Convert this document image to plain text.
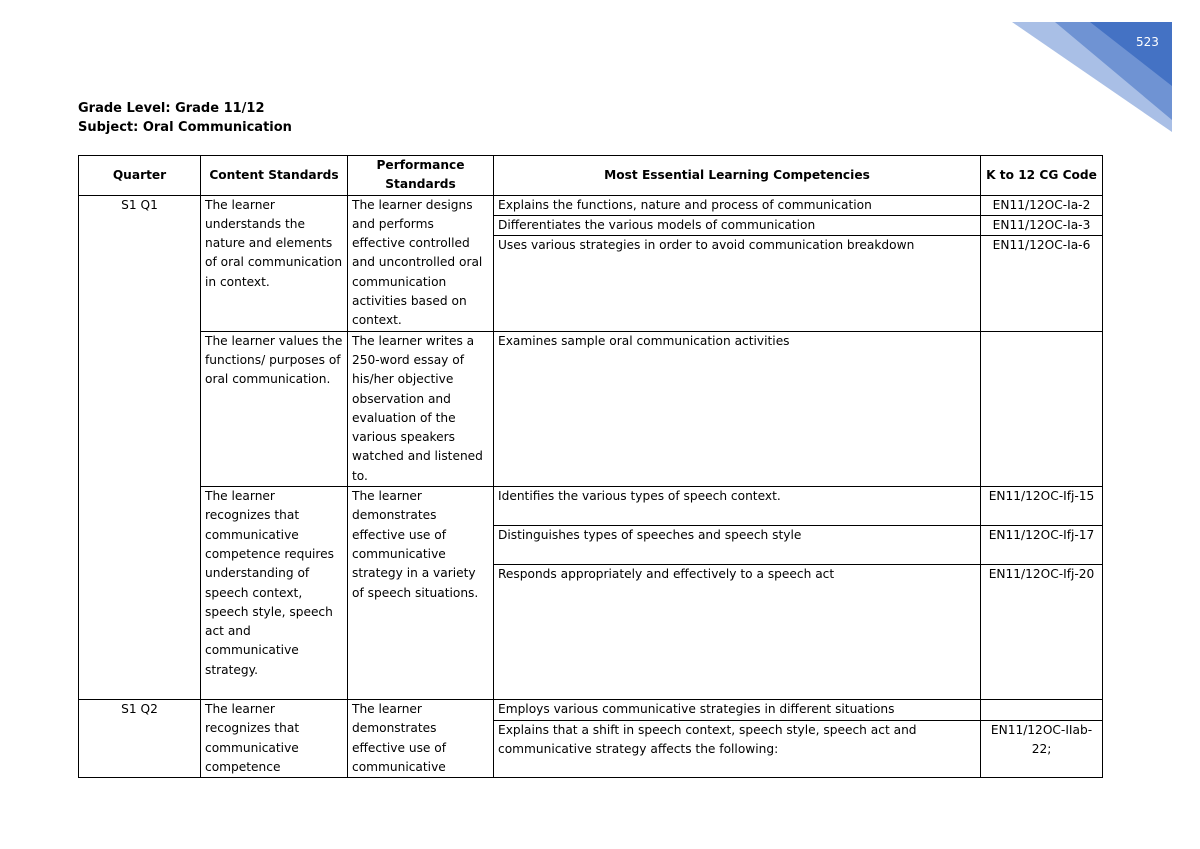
523
Grade Level: Grade 11/12
Subject: Oral Communication
Quarter	Content Standards	Performance Standards	Most Essential Learning Competencies	K to 12 CG Code
S1 Q1	The learner understands the nature and elements of oral communication in context.	The learner designs and performs effective controlled and uncontrolled oral communication activities based on context.	Explains the functions, nature and process of communication	EN11/12OC-Ia-2
			Differentiates the various models of communication	EN11/12OC-Ia-3
			Uses various strategies in order to avoid communication breakdown	EN11/12OC-Ia-6
	The learner values the functions/ purposes of oral communication.	The learner writes a 250-word essay of his/her objective observation and evaluation of the various speakers watched and listened to.	Examines sample oral communication activities	
	The learner recognizes that communicative competence requires understanding of speech context, speech style, speech act and communicative strategy.	The learner demonstrates effective use of communicative strategy in a variety of speech situations.	Identifies the various types of speech context.	EN11/12OC-Ifj-15
			Distinguishes types of speeches and speech style	EN11/12OC-Ifj-17
			Responds appropriately and effectively to a speech act	EN11/12OC-Ifj-20
S1 Q2	The learner recognizes that communicative competence	The learner demonstrates effective use of communicative	Employs various communicative strategies in different situations	
			Explains that a shift in speech context, speech style, speech act and communicative strategy affects the following:	EN11/12OC-IIab-22;
